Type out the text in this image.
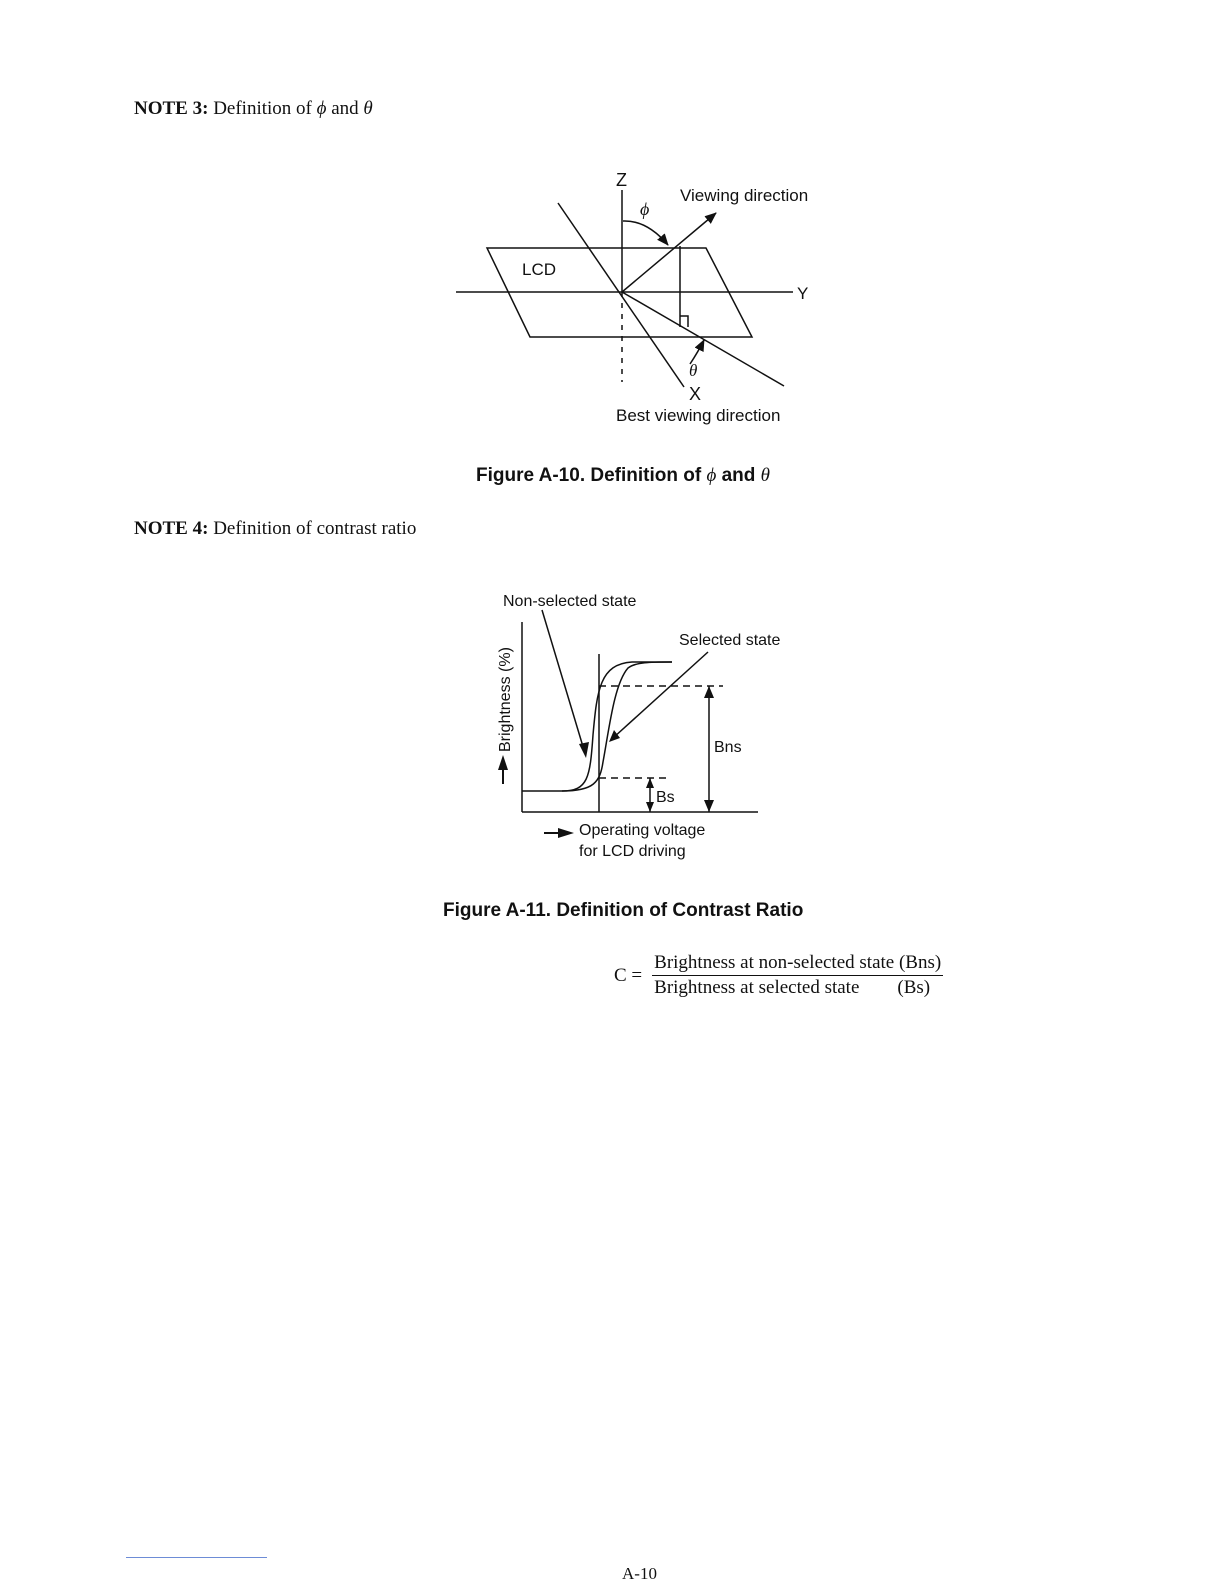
NOTE 3: Definition of ϕ and θ
Z
ϕ
Viewing direction
LCD
Y
θ
X
Best viewing direction
Figure A-10. Definition of ϕ and θ
NOTE 4: Definition of contrast ratio
Non-selected state
Selected state
Brightness (%)	Bns
Bs
Operating voltage
for LCD driving
Figure A-11. Definition of Contrast Ratio
$C = \frac{\text{Brightness at non-selected state (Bns)}}{\text{Brightness at selected state        (Bs)}}$
A-10
